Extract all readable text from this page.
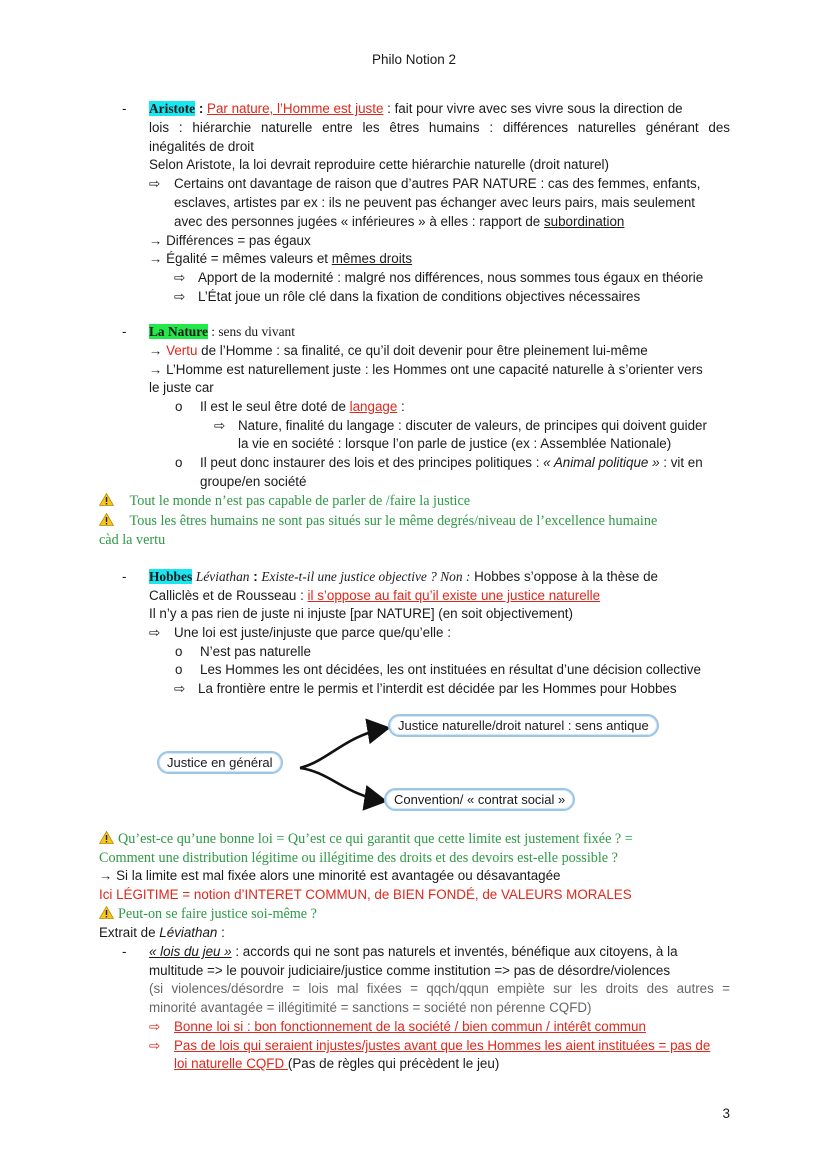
Philo Notion 2
- Aristote : Par nature, l’Homme est juste : fait pour vivre avec ses vivre sous la direction de
lois : hiérarchie naturelle entre les êtres humains : différences naturelles générant des
inégalités de droit
Selon Aristote, la loi devrait reproduire cette hiérarchie naturelle (droit naturel)
⇨ Certains ont davantage de raison que d’autres PAR NATURE : cas des femmes, enfants,
esclaves, artistes par ex : ils ne peuvent pas échanger avec leurs pairs, mais seulement
avec des personnes jugées « inférieures » à elles : rapport de subordination
→ Différences = pas égaux
→ Égalité = mêmes valeurs et mêmes droits
⇨ Apport de la modernité : malgré nos différences, nous sommes tous égaux en théorie
⇨ L’État joue un rôle clé dans la fixation de conditions objectives nécessaires
- La Nature : sens du vivant
→ Vertu de l’Homme : sa finalité, ce qu’il doit devenir pour être pleinement lui-même
→ L’Homme est naturellement juste : les Hommes ont une capacité naturelle à s’orienter vers
le juste car
o Il est le seul être doté de langage :
⇨ Nature, finalité du langage : discuter de valeurs, de principes qui doivent guider
la vie en société : lorsque l’on parle de justice (ex : Assemblée Nationale)
o Il peut donc instaurer des lois et des principes politiques : « Animal politique » : vit en
groupe/en société
Tout le monde n’est pas capable de parler de /faire la justice
Tous les êtres humains ne sont pas situés sur le même degrés/niveau de l’excellence humaine
càd la vertu
- Hobbes Léviathan : Existe-t-il une justice objective ? Non : Hobbes s’oppose à la thèse de
Calliclès et de Rousseau : il s’oppose au fait qu’il existe une justice naturelle
Il n’y a pas rien de juste ni injuste [par NATURE] (en soit objectivement)
⇨ Une loi est juste/injuste que parce que/qu’elle :
o N’est pas naturelle
o Les Hommes les ont décidées, les ont instituées en résultat d’une décision collective
⇨ La frontière entre le permis et l’interdit est décidée par les Hommes pour Hobbes
Justice en général
Justice naturelle/droit naturel : sens antique
Convention/ « contrat social »
Qu’est-ce qu’une bonne loi = Qu’est ce qui garantit que cette limite est justement fixée ? =
Comment une distribution légitime ou illégitime des droits et des devoirs est-elle possible ?
→ Si la limite est mal fixée alors une minorité est avantagée ou désavantagée
Ici LÉGITIME = notion d’INTERET COMMUN, de BIEN FONDÉ, de VALEURS MORALES
Peut-on se faire justice soi-même ?
Extrait de Léviathan :
- « lois du jeu » : accords qui ne sont pas naturels et inventés, bénéfique aux citoyens, à la
multitude => le pouvoir judiciaire/justice comme institution => pas de désordre/violences
(si violences/désordre = lois mal fixées = qqch/qqun empiète sur les droits des autres =
minorité avantagée = illégitimité = sanctions = société non pérenne CQFD)
⇨ Bonne loi si : bon fonctionnement de la société / bien commun / intérêt commun
⇨ Pas de lois qui seraient injustes/justes avant que les Hommes les aient instituées = pas de
loi naturelle CQFD (Pas de règles qui précèdent le jeu)
3
